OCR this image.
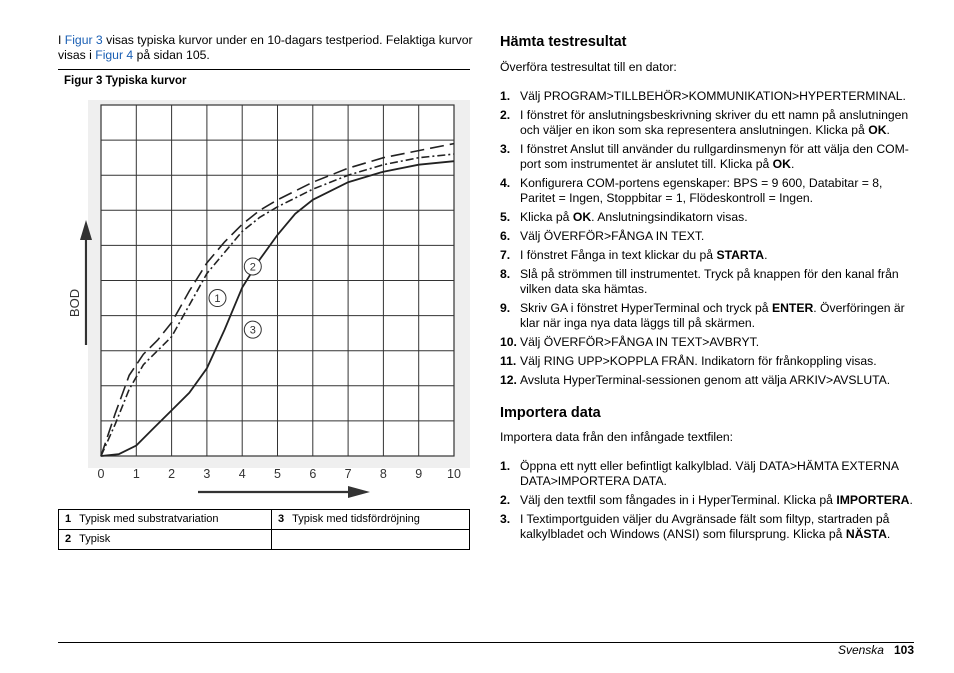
I Figur 3 visas typiska kurvor under en 10-dagars testperiod. Felaktiga kurvor visas i Figur 4 på sidan 105.
Figur 3 Typiska kurvor
1
2
3
0 1 2 3 4 5 6 7 8 9 10
BOD
1 Typisk med substratvariation	3 Typisk med tidsfördröjning
2 Typisk	
Hämta testresultat

Överföra testresultat till en dator:

1. Välj PROGRAM>TILLBEHÖR>KOMMUNIKATION>HYPERTERMINAL.
2. I fönstret för anslutningsbeskrivning skriver du ett namn på anslutningen och väljer en ikon som ska representera anslutningen. Klicka på OK.
3. I fönstret Anslut till använder du rullgardinsmenyn för att välja den COM-port som instrumentet är anslutet till. Klicka på OK.
4. Konfigurera COM-portens egenskaper: BPS = 9 600, Databitar = 8, Paritet = Ingen, Stoppbitar = 1, Flödeskontroll = Ingen.
5. Klicka på OK. Anslutningsindikatorn visas.
6. Välj ÖVERFÖR>FÅNGA IN TEXT.
7. I fönstret Fånga in text klickar du på STARTA.
8. Slå på strömmen till instrumentet. Tryck på knappen för den kanal från vilken data ska hämtas.
9. Skriv GA i fönstret HyperTerminal och tryck på ENTER. Överföringen är klar när inga nya data läggs till på skärmen.
10. Välj ÖVERFÖR>FÅNGA IN TEXT>AVBRYT.
11. Välj RING UPP>KOPPLA FRÅN. Indikatorn för frånkoppling visas.
12. Avsluta HyperTerminal-sessionen genom att välja ARKIV>AVSLUTA.
Importera data

Importera data från den infångade textfilen:

1. Öppna ett nytt eller befintligt kalkylblad. Välj DATA>HÄMTA EXTERNA DATA>IMPORTERA DATA.
2. Välj den textfil som fångades in i HyperTerminal. Klicka på IMPORTERA.
3. I Textimportguiden väljer du Avgränsade fält som filtyp, startraden på kalkylbladet och Windows (ANSI) som filursprung. Klicka på NÄSTA.
Svenska 103
